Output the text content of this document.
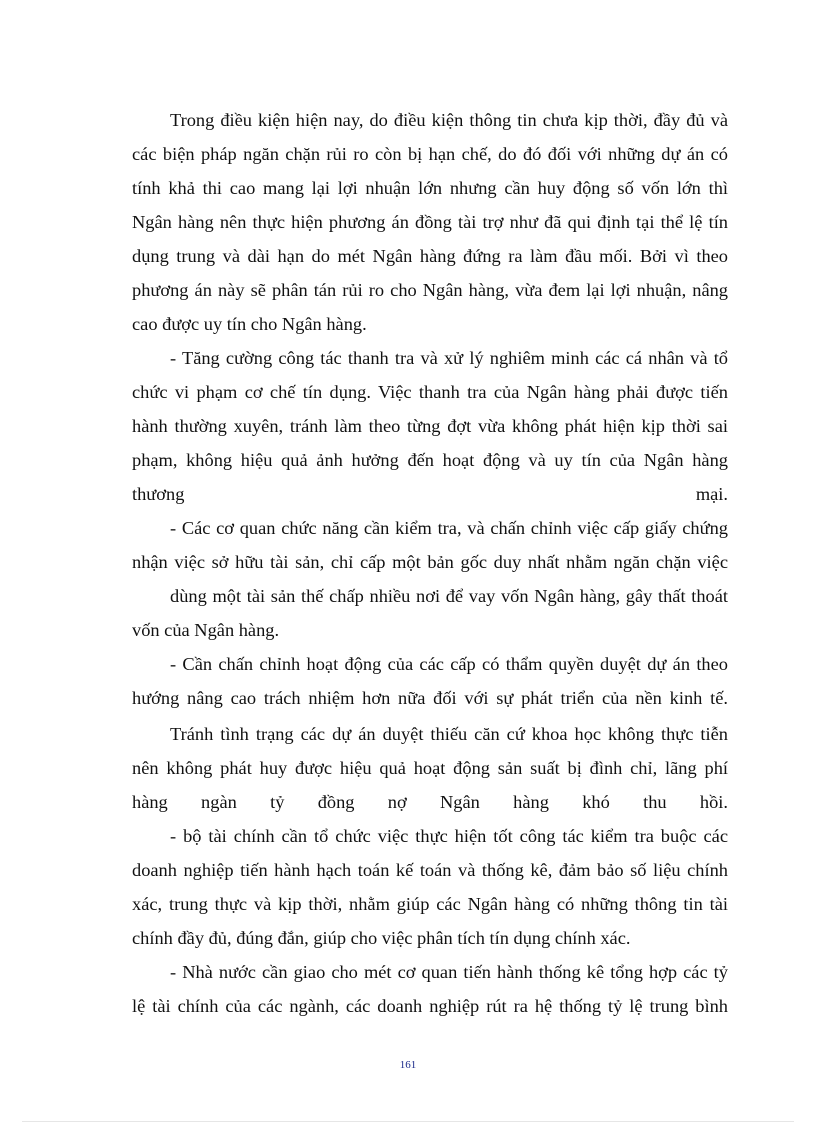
Trong điều kiện hiện nay, do điều kiện thông tin chưa kịp thời, đầy đủ và
các biện pháp ngăn chặn rủi ro còn bị hạn chế, do đó đối với những dự án có
tính khả thi cao mang lại lợi nhuận lớn nhưng cần huy động số vốn lớn thì
Ngân hàng nên thực hiện phương án đồng tài trợ như đã qui định tại thể lệ tín
dụng trung và dài hạn do mét Ngân hàng đứng ra làm đầu mối. Bởi vì theo
phương án này sẽ phân tán rủi ro cho Ngân hàng, vừa đem lại lợi nhuận, nâng
cao được uy tín cho Ngân hàng.
- Tăng cường công tác thanh tra và xử lý nghiêm minh các cá nhân và tổ
chức vi phạm cơ chế tín dụng. Việc thanh tra của Ngân hàng phải được tiến
hành thường xuyên, tránh làm theo từng đợt vừa không phát hiện kịp thời sai
phạm, không hiệu quả ảnh hưởng đến hoạt động và uy tín của Ngân hàng
thương mại.
- Các cơ quan chức năng cần kiểm tra, và chấn chỉnh việc cấp giấy chứng
nhận việc sở hữu tài sản, chỉ cấp một bản gốc duy nhất nhằm ngăn chặn việc
dùng một tài sản thế chấp nhiều nơi để vay vốn Ngân hàng, gây thất thoát
vốn của Ngân hàng.
- Cần chấn chỉnh hoạt động của các cấp có thẩm quyền duyệt dự án theo
hướng nâng cao trách nhiệm hơn nữa đối với sự phát triển của nền kinh tế.
Tránh tình trạng các dự án duyệt thiếu căn cứ khoa học không thực tiễn
nên không phát huy được hiệu quả hoạt động sản suất bị đình chỉ, lãng phí
hàng ngàn tỷ đồng nợ Ngân hàng khó thu hồi.
- bộ tài chính cần tổ chức việc thực hiện tốt công tác kiểm tra buộc các
doanh nghiệp tiến hành hạch toán kế toán và thống kê, đảm bảo số liệu chính
xác, trung thực và kịp thời, nhằm giúp các Ngân hàng có những thông tin tài
chính đầy đủ, đúng đắn, giúp cho việc phân tích tín dụng chính xác.
- Nhà nước cần giao cho mét cơ quan tiến hành thống kê tổng hợp các tỷ
lệ tài chính của các ngành, các doanh nghiệp rút ra hệ thống tỷ lệ trung bình
161
